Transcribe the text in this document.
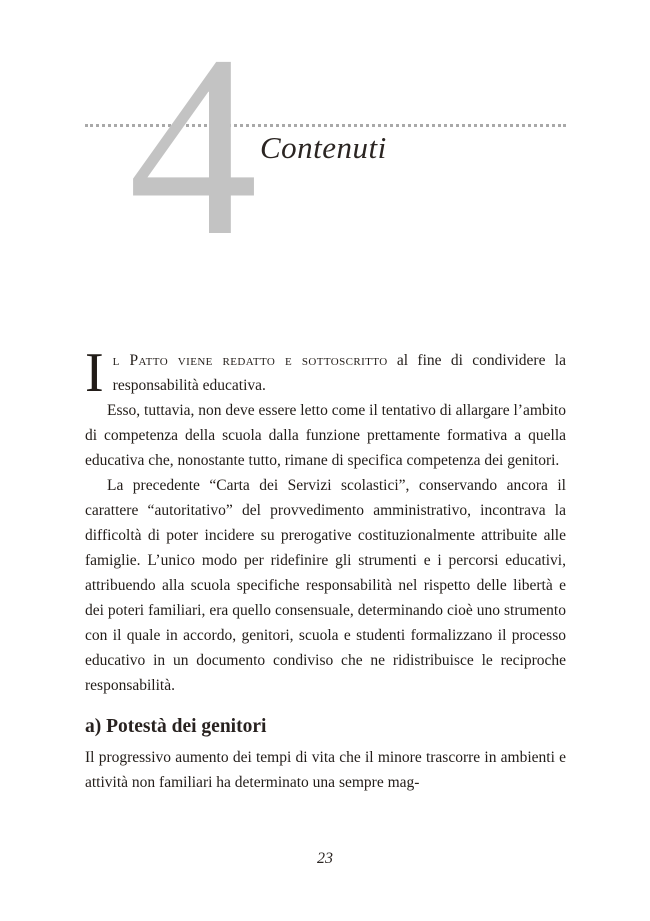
4 Contenuti

Il Patto viene redatto e sottoscritto al fine di condividere la responsabilità educativa.

Esso, tuttavia, non deve essere letto come il tentativo di allargare l’ambito di competenza della scuola dalla funzione prettamente formativa a quella educativa che, nonostante tutto, rimane di specifica competenza dei genitori.

La precedente “Carta dei Servizi scolastici”, conservando ancora il carattere “autoritativo” del provvedimento amministrativo, incontrava la difficoltà di poter incidere su prerogative costituzionalmente attribuite alle famiglie. L’unico modo per ridefinire gli strumenti e i percorsi educativi, attribuendo alla scuola specifiche responsabilità nel rispetto delle libertà e dei poteri familiari, era quello consensuale, determinando cioè uno strumento con il quale in accordo, genitori, scuola e studenti formalizzano il processo educativo in un documento condiviso che ne ridistribuisce le reciproche responsabilità.

a) Potestà dei genitori

Il progressivo aumento dei tempi di vita che il minore trascorre in ambienti e attività non familiari ha determinato una sempre mag-

23
